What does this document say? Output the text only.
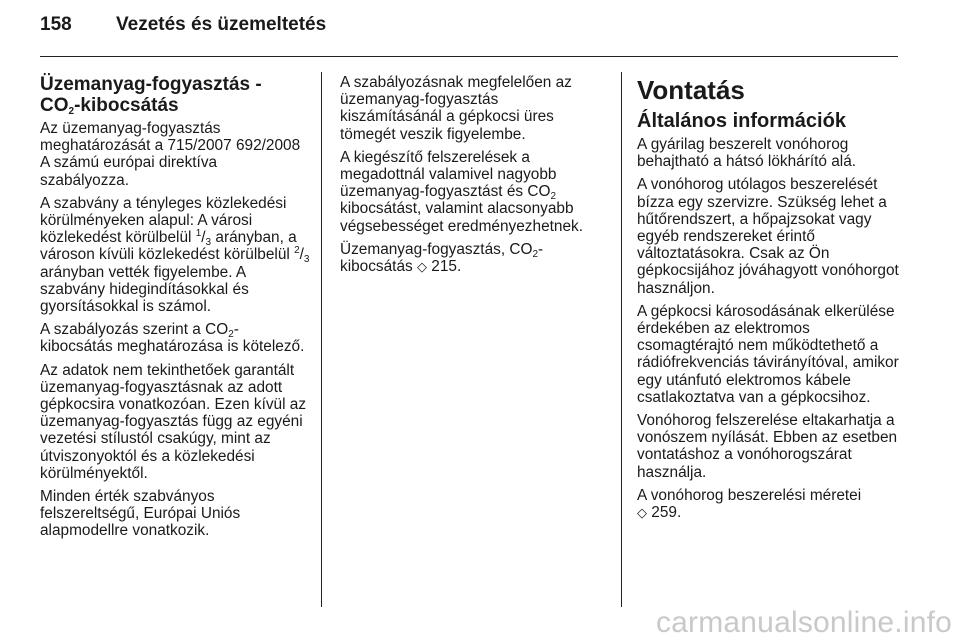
158 Vezetés és üzemeltetés
Üzemanyag-fogyasztás -
$CO_2$-kibocsátás

Az üzemanyag-fogyasztás meghatározását a 715/2007 692/2008 A számú európai direktíva szabályozza.

A szabvány a tényleges közlekedési körülményeken alapul: A városi közlekedést körülbelül $^1/_3$ arányban, a városon kívüli közlekedést körülbelül $^2/_3$ arányban vették figyelembe. A szabvány hidegindításokkal és gyorsításokkal is számol.

A szabályozás szerint a $CO_2$-kibocsátás meghatározása is kötelező.

Az adatok nem tekinthetőek garantált üzemanyag-fogyasztásnak az adott gépkocsira vonatkozóan. Ezen kívül az üzemanyag-fogyasztás függ az egyéni vezetési stílustól csakúgy, mint az útviszonyoktól és a közlekedési körülményektől.

Minden érték szabványos felszereltségű, Európai Uniós alapmodellre vonatkozik.

A szabályozásnak megfelelően az üzemanyag-fogyasztás kiszámításánál a gépkocsi üres tömegét veszik figyelembe.

A kiegészítő felszerelések a megadottnál valamivel nagyobb üzemanyag-fogyasztást és $CO_2$ kibocsátást, valamint alacsonyabb végsebességet eredményezhetnek.

Üzemanyag-fogyasztás, $CO_2$-kibocsátás ◇ 215.

Vontatás
Általános információk

A gyárilag beszerelt vonóhorog behajtható a hátsó lökhárító alá.

A vonóhorog utólagos beszerelését bízza egy szervizre. Szükség lehet a hűtőrendszert, a hőpajzsokat vagy egyéb rendszereket érintő változtatásokra. Csak az Ön gépkocsijához jóváhagyott vonóhorgot használjon.

A gépkocsi károsodásának elkerülése érdekében az elektromos csomagtérajtó nem működtethető a rádiófrekvenciás távirányítóval, amikor egy utánfutó elektromos kábele csatlakoztatva van a gépkocsihoz.

Vonóhorog felszerelése eltakarhatja a vonószem nyílását. Ebben az esetben vontatáshoz a vonóhorogszárat használja.

A vonóhorog beszerelési méretei
◇ 259.

carmanualsonline.info
